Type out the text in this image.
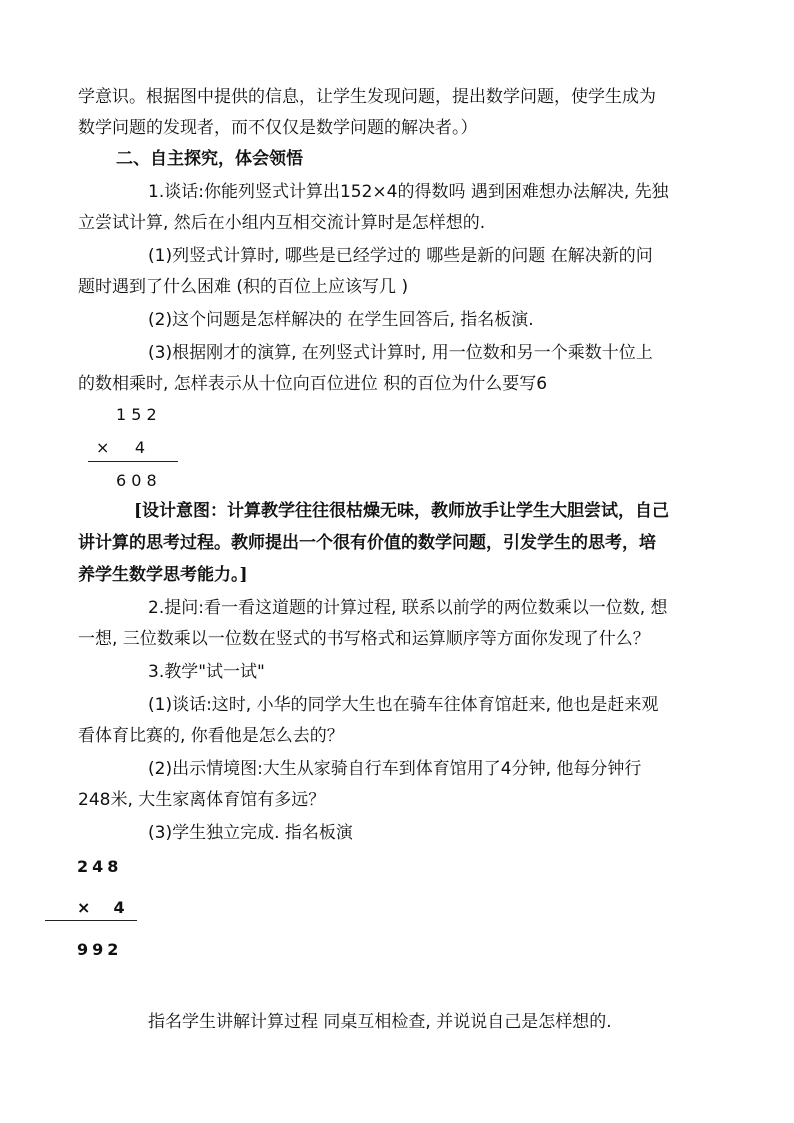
学意识。根据图中提供的信息，让学生发现问题，提出数学问题，使学生成为
数学问题的发现者，而不仅仅是数学问题的解决者。）
二、自主探究，体会领悟
1.谈话:你能列竖式计算出152×4的得数吗 遇到困难想办法解决, 先独
立尝试计算, 然后在小组内互相交流计算时是怎样想的.
(1)列竖式计算时, 哪些是已经学过的 哪些是新的问题 在解决新的问
题时遇到了什么困难 (积的百位上应该写几 )
(2)这个问题是怎样解决的 在学生回答后, 指名板演.
(3)根据刚才的演算, 在列竖式计算时, 用一位数和另一个乘数十位上
的数相乘时, 怎样表示从十位向百位进位 积的百位为什么要写6
1 5 2
×     4
6 0 8
[设计意图：计算教学往往很枯燥无味，教师放手让学生大胆尝试，自己
讲计算的思考过程。教师提出一个很有价值的数学问题，引发学生的思考，培
养学生数学思考能力。]
2.提问:看一看这道题的计算过程, 联系以前学的两位数乘以一位数, 想
一想, 三位数乘以一位数在竖式的书写格式和运算顺序等方面你发现了什么？
3.教学"试一试"
(1)谈话:这时, 小华的同学大生也在骑车往体育馆赶来, 他也是赶来观
看体育比赛的, 你看他是怎么去的？
(2)出示情境图:大生从家骑自行车到体育馆用了4分钟, 他每分钟行
248米, 大生家离体育馆有多远？
(3)学生独立完成. 指名板演
248
×  4
992
指名学生讲解计算过程 同桌互相检查, 并说说自己是怎样想的.
